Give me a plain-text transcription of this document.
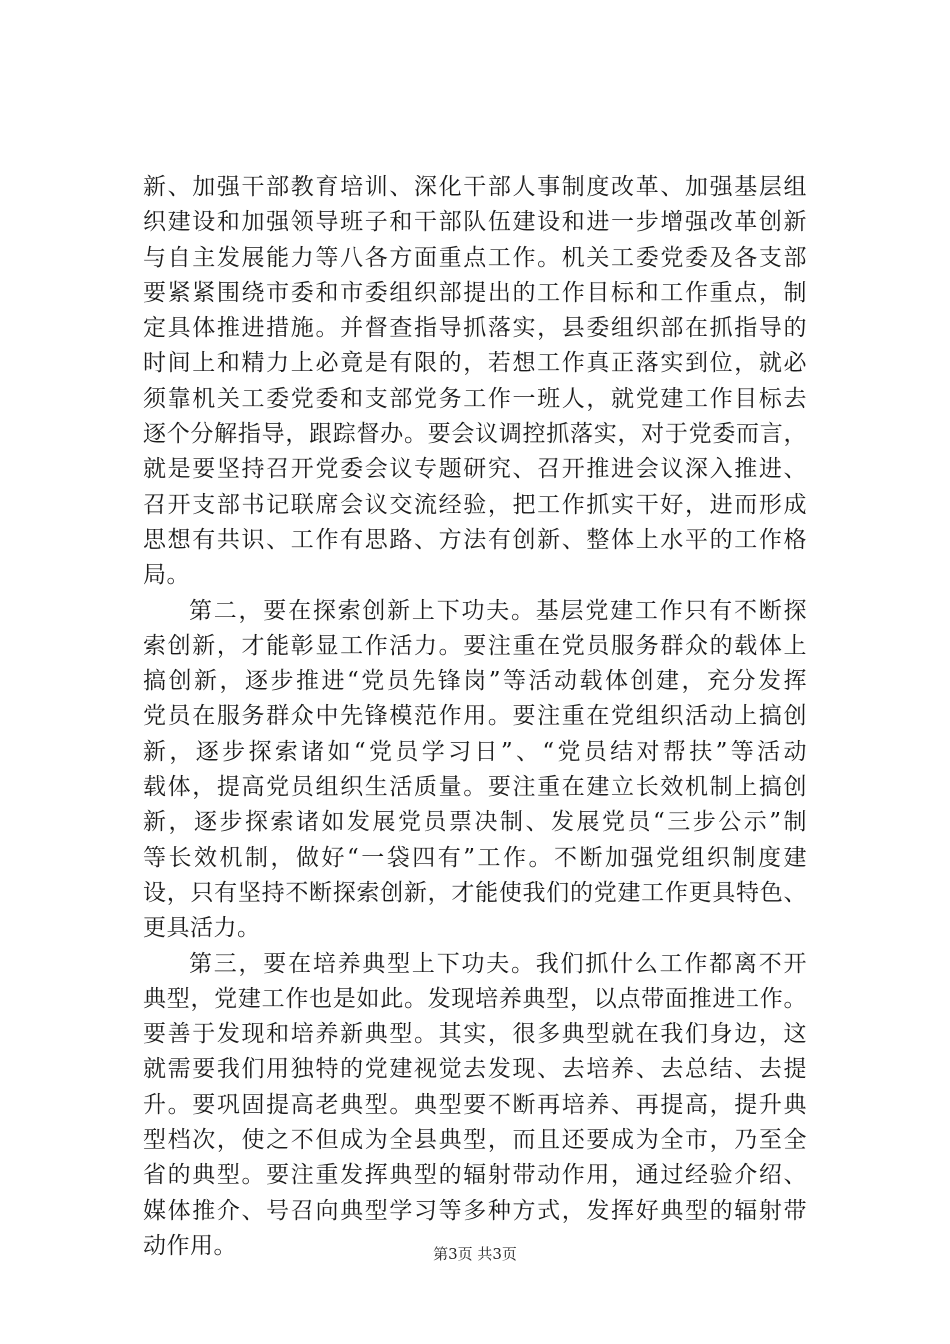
新、加强干部教育培训、深化干部人事制度改革、加强基层组
织建设和加强领导班子和干部队伍建设和进一步增强改革创新
与自主发展能力等八各方面重点工作。机关工委党委及各支部
要紧紧围绕市委和市委组织部提出的工作目标和工作重点，制
定具体推进措施。并督查指导抓落实，县委组织部在抓指导的
时间上和精力上必竟是有限的，若想工作真正落实到位，就必
须靠机关工委党委和支部党务工作一班人，就党建工作目标去
逐个分解指导，跟踪督办。要会议调控抓落实，对于党委而言，
就是要坚持召开党委会议专题研究、召开推进会议深入推进、
召开支部书记联席会议交流经验，把工作抓实干好，进而形成
思想有共识、工作有思路、方法有创新、整体上水平的工作格
局。
第二，要在探索创新上下功夫。基层党建工作只有不断探
索创新，才能彰显工作活力。要注重在党员服务群众的载体上
搞创新，逐步推进“党员先锋岗”等活动载体创建，充分发挥
党员在服务群众中先锋模范作用。要注重在党组织活动上搞创
新，逐步探索诸如“党员学习日”、“党员结对帮扶”等活动
载体，提高党员组织生活质量。要注重在建立长效机制上搞创
新，逐步探索诸如发展党员票决制、发展党员“三步公示”制
等长效机制，做好“一袋四有”工作。不断加强党组织制度建
设，只有坚持不断探索创新，才能使我们的党建工作更具特色、
更具活力。
第三，要在培养典型上下功夫。我们抓什么工作都离不开
典型，党建工作也是如此。发现培养典型，以点带面推进工作。
要善于发现和培养新典型。其实，很多典型就在我们身边，这
就需要我们用独特的党建视觉去发现、去培养、去总结、去提
升。要巩固提高老典型。典型要不断再培养、再提高，提升典
型档次，使之不但成为全县典型，而且还要成为全市，乃至全
省的典型。要注重发挥典型的辐射带动作用，通过经验介绍、
媒体推介、号召向典型学习等多种方式，发挥好典型的辐射带
动作用。	第3页 共3页
